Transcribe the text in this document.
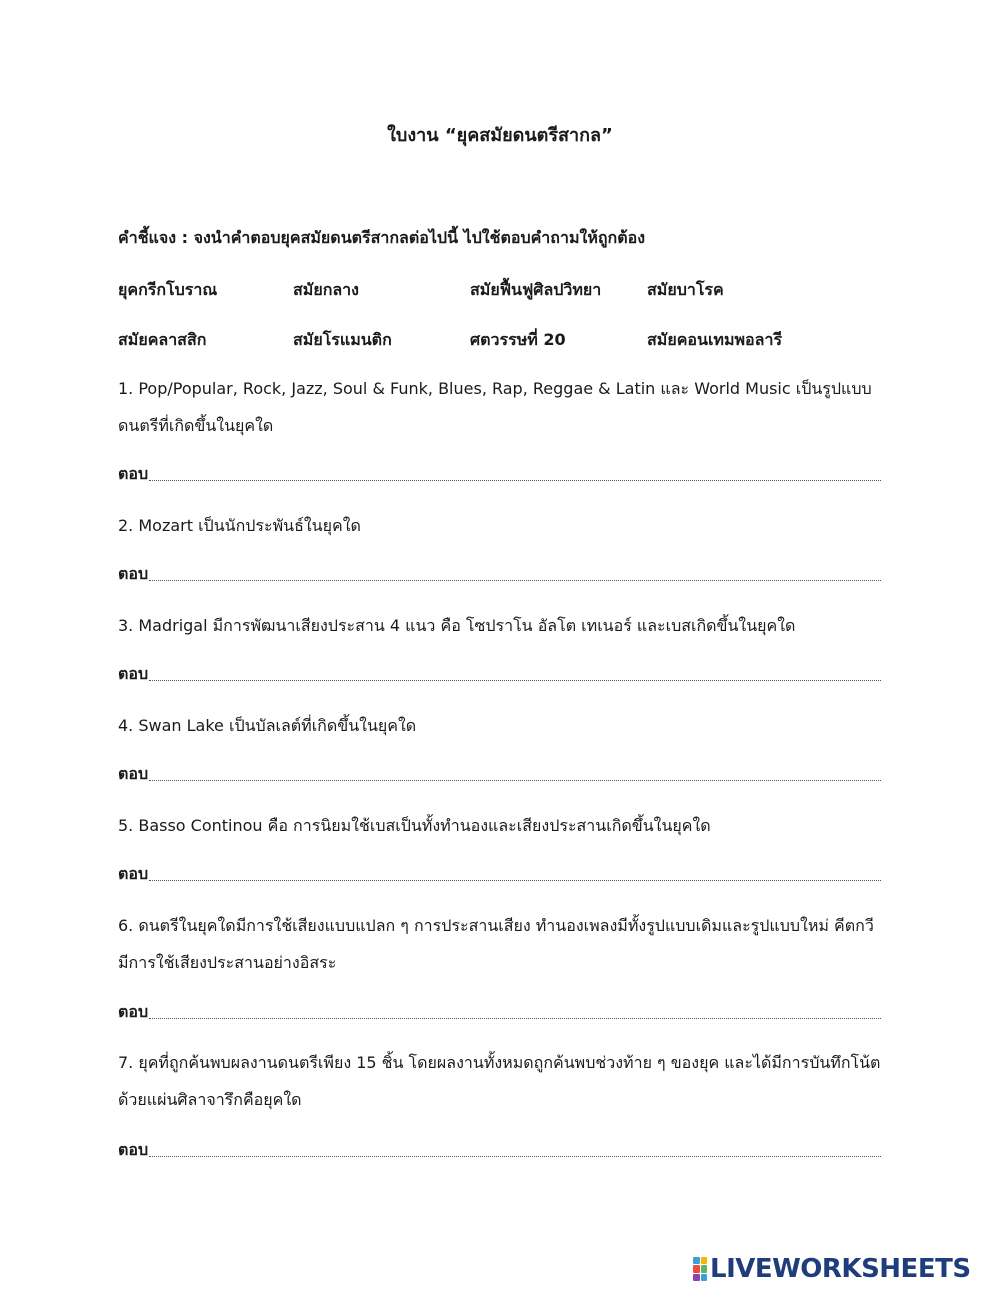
ใบงาน “ยุคสมัยดนตรีสากล”
คำชี้แจง : จงนำคำตอบยุคสมัยดนตรีสากลต่อไปนี้ ไปใช้ตอบคำถามให้ถูกต้อง
ยุคกรีกโบราณ	สมัยกลาง	สมัยฟื้นฟูศิลปวิทยา	สมัยบาโรค
สมัยคลาสสิก	สมัยโรแมนติก	ศตวรรษที่ 20	สมัยคอนเทมพอลารี
1. Pop/Popular, Rock, Jazz, Soul & Funk, Blues, Rap, Reggae & Latin และ World Music เป็นรูปแบบดนตรีที่เกิดขึ้นในยุคใด
ตอบ
2. Mozart เป็นนักประพันธ์ในยุคใด
ตอบ
3. Madrigal มีการพัฒนาเสียงประสาน 4 แนว คือ โซปราโน อัลโต เทเนอร์ และเบสเกิดขึ้นในยุคใด
ตอบ
4. Swan Lake เป็นบัลเลต์ที่เกิดขึ้นในยุคใด
ตอบ
5. Basso Continou คือ การนิยมใช้เบสเป็นทั้งทำนองและเสียงประสานเกิดขึ้นในยุคใด
ตอบ
6. ดนตรีในยุคใดมีการใช้เสียงแบบแปลก ๆ การประสานเสียง ทำนองเพลงมีทั้งรูปแบบเดิมและรูปแบบใหม่ คีตกวีมีการใช้เสียงประสานอย่างอิสระ
ตอบ
7. ยุคที่ถูกค้นพบผลงานดนตรีเพียง 15 ชิ้น โดยผลงานทั้งหมดถูกค้นพบช่วงท้าย ๆ ของยุค และได้มีการบันทึกโน้ตด้วยแผ่นศิลาจารึกคือยุคใด
ตอบ
LIVEWORKSHEETS
